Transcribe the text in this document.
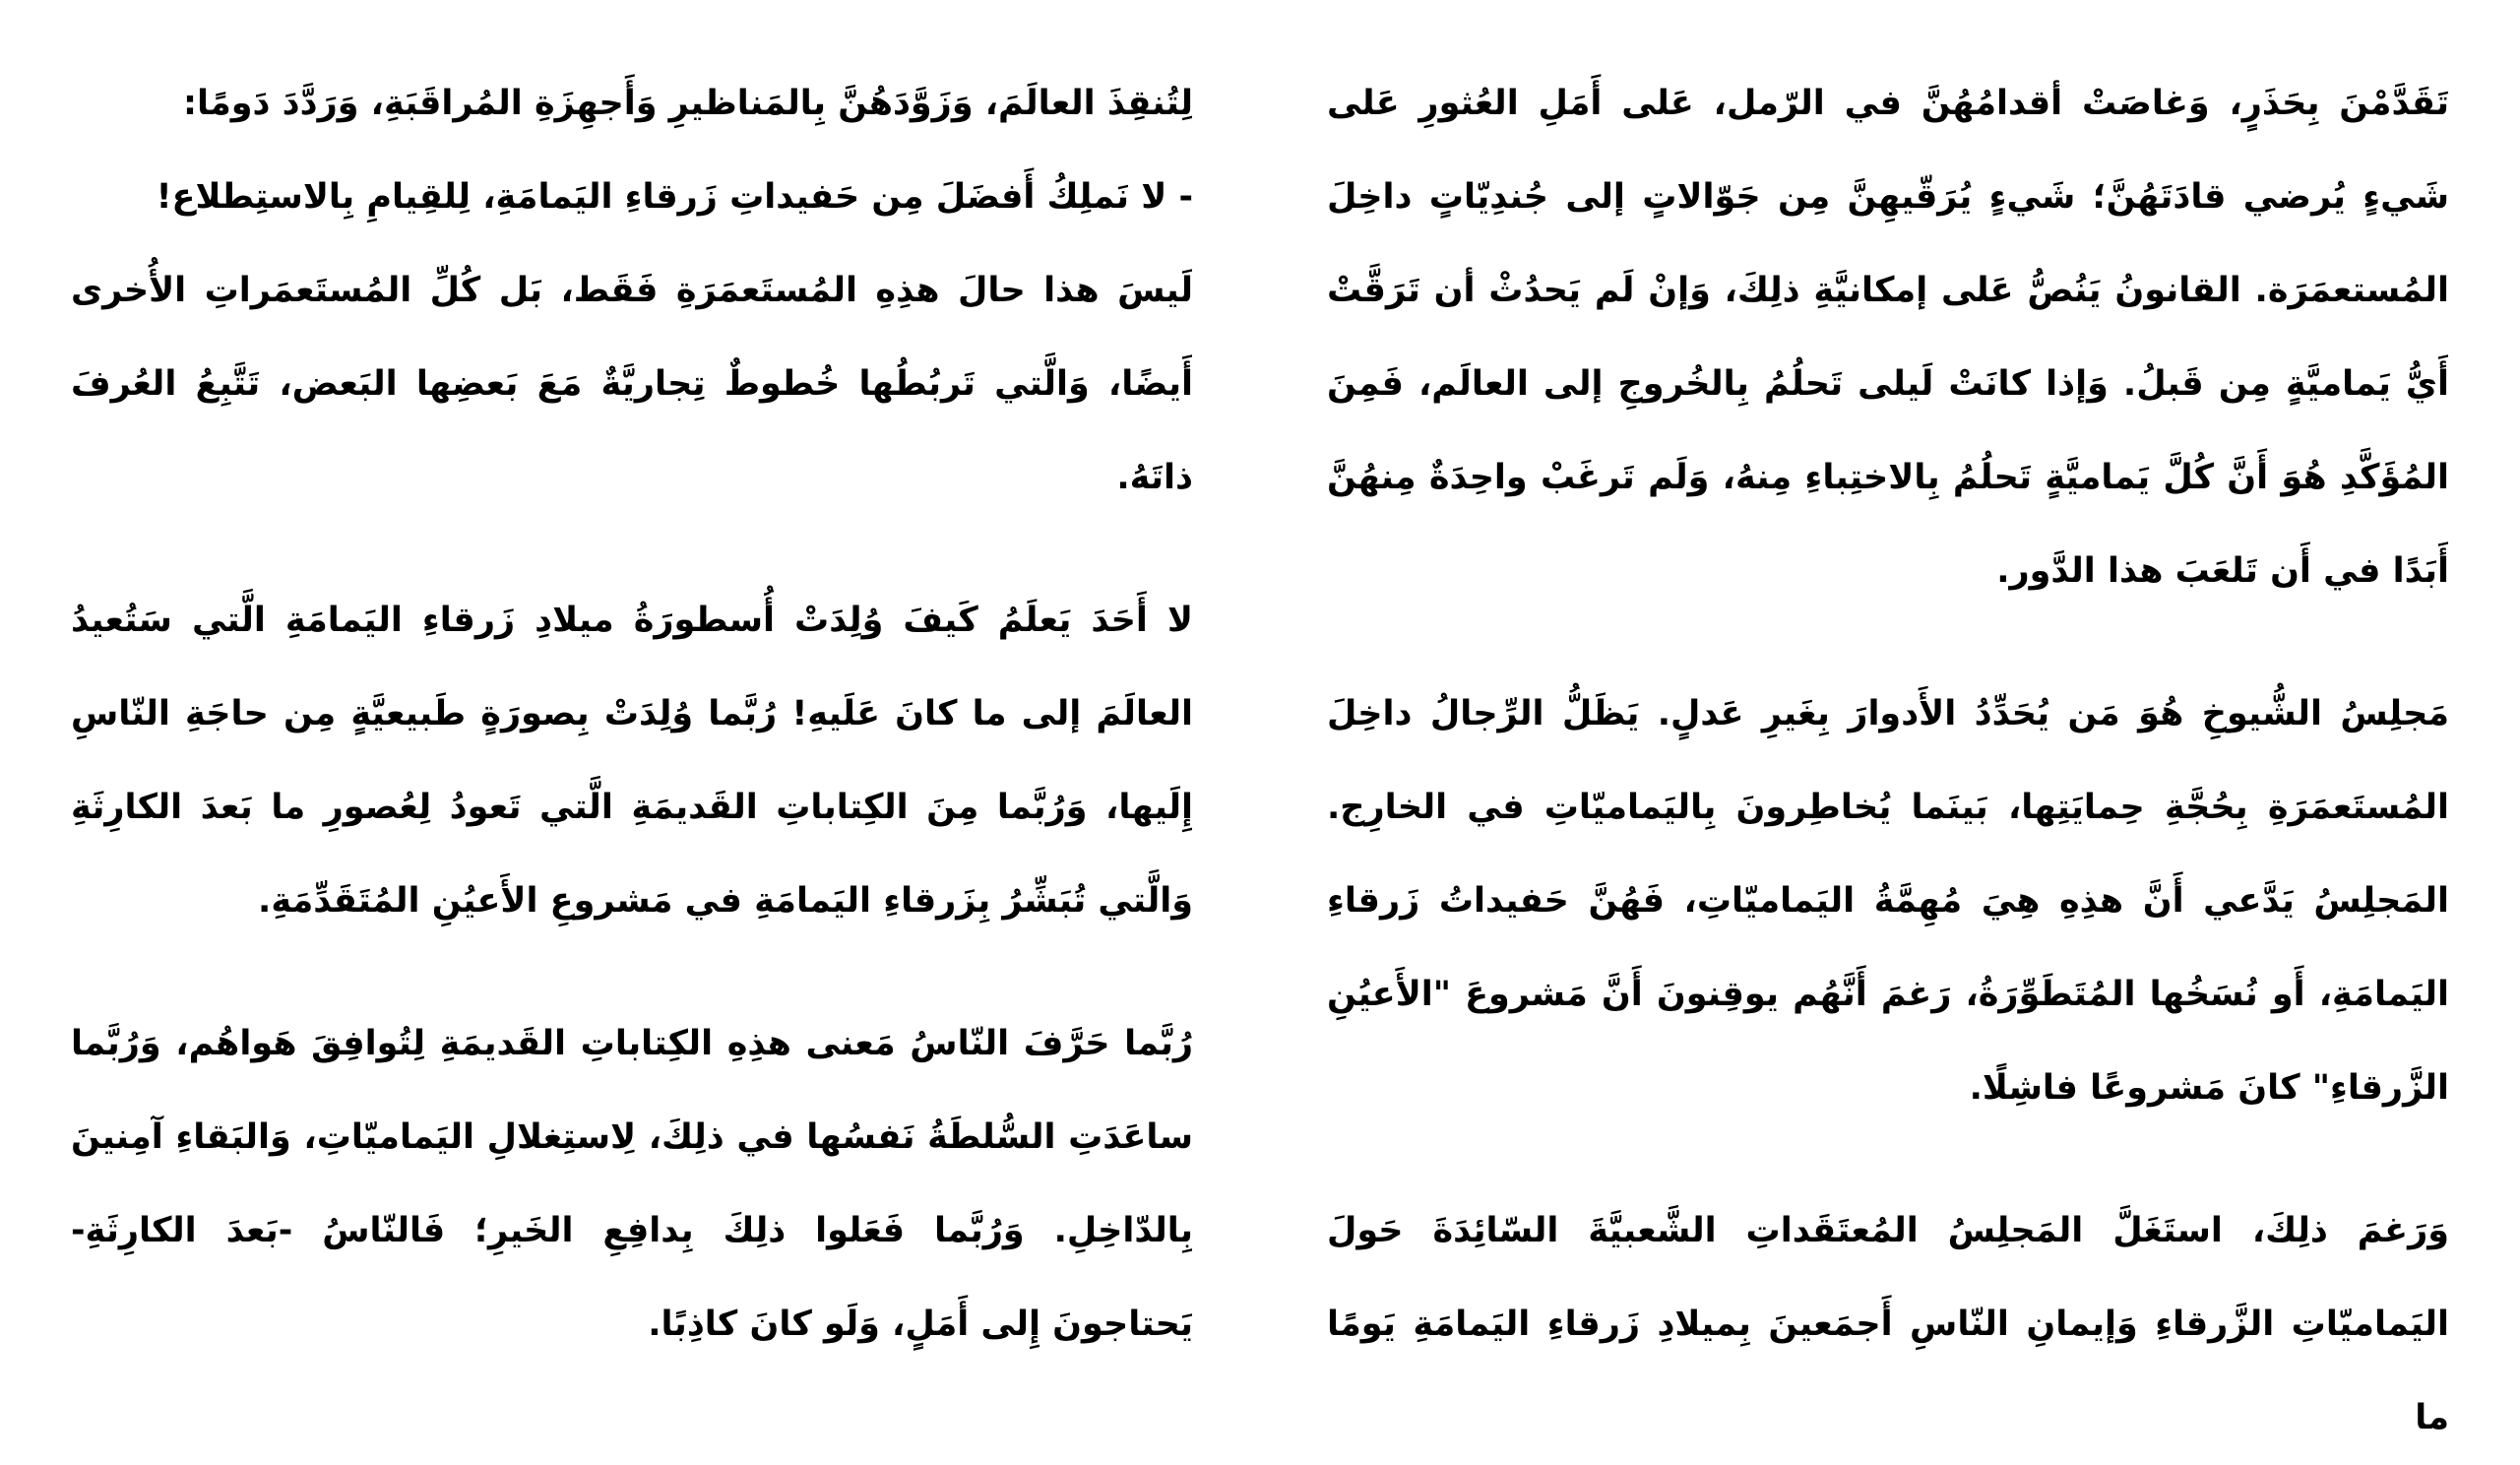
تَقَدَّمْنَ بِحَذَرٍ، وَغاصَتْ أقدامُهُنَّ في الرّمل، عَلى أَمَلِ العُثورِ عَلى شَيءٍ يُرضي قادَتَهُنَّ؛ شَيءٍ يُرَقّيهِنَّ مِن جَوّالاتٍ إلى جُندِيّاتٍ داخِلَ المُستعمَرَة. القانونُ يَنُصُّ عَلى إمكانيَّةِ ذلِكَ، وَإنْ لَم يَحدُثْ أن تَرَقَّتْ أَيُّ يَماميَّةٍ مِن قَبلُ. وَإذا كانَتْ لَيلى تَحلُمُ بِالخُروجِ إلى العالَم، فَمِنَ المُؤَكَّدِ هُوَ أَنَّ كُلَّ يَماميَّةٍ تَحلُمُ بِالاختِباءِ مِنهُ، وَلَم تَرغَبْ واحِدَةٌ مِنهُنَّ أَبَدًا في أَن تَلعَبَ هذا الدَّور.

مَجلِسُ الشُّيوخِ هُوَ مَن يُحَدِّدُ الأَدوارَ بِغَيرِ عَدلٍ. يَظَلُّ الرِّجالُ داخِلَ المُستَعمَرَةِ بِحُجَّةِ حِمايَتِها، بَينَما يُخاطِرونَ بِاليَماميّاتِ في الخارِج. المَجلِسُ يَدَّعي أَنَّ هذِهِ هِيَ مُهِمَّةُ اليَماميّاتِ، فَهُنَّ حَفيداتُ زَرقاءِ اليَمامَةِ، أَو نُسَخُها المُتَطَوِّرَةُ، رَغمَ أَنَّهُم يوقِنونَ أَنَّ مَشروعَ "الأَعيُنِ الزَّرقاءِ" كانَ مَشروعًا فاشِلًا.

وَرَغمَ ذلِكَ، استَغَلَّ المَجلِسُ المُعتَقَداتِ الشَّعبيَّةَ السّائِدَةَ حَولَ اليَماميّاتِ الزَّرقاءِ وَإيمانِ النّاسِ أَجمَعينَ بِميلادِ زَرقاءِ اليَمامَةِ يَومًا ما

لِتُنقِذَ العالَمَ، وَزَوَّدَهُنَّ بِالمَناظيرِ وَأَجهِزَةِ المُراقَبَةِ، وَرَدَّدَ دَومًا:

- لا نَملِكُ أَفضَلَ مِن حَفيداتِ زَرقاءِ اليَمامَةِ، لِلقِيامِ بِالاستِطلاع!

لَيسَ هذا حالَ هذِهِ المُستَعمَرَةِ فَقَط، بَل كُلِّ المُستَعمَراتِ الأُخرى أَيضًا، وَالَّتي تَربُطُها خُطوطٌ تِجاريَّةٌ مَعَ بَعضِها البَعض، تَتَّبِعُ العُرفَ ذاتَهُ.

لا أَحَدَ يَعلَمُ كَيفَ وُلِدَتْ أُسطورَةُ ميلادِ زَرقاءِ اليَمامَةِ الَّتي سَتُعيدُ العالَمَ إلى ما كانَ عَلَيهِ! رُبَّما وُلِدَتْ بِصورَةٍ طَبيعيَّةٍ مِن حاجَةِ النّاسِ إِلَيها، وَرُبَّما مِنَ الكِتاباتِ القَديمَةِ الَّتي تَعودُ لِعُصورِ ما بَعدَ الكارِثَةِ وَالَّتي تُبَشِّرُ بِزَرقاءِ اليَمامَةِ في مَشروعِ الأَعيُنِ المُتَقَدِّمَةِ.

رُبَّما حَرَّفَ النّاسُ مَعنى هذِهِ الكِتاباتِ القَديمَةِ لِتُوافِقَ هَواهُم، وَرُبَّما ساعَدَتِ السُّلطَةُ نَفسُها في ذلِكَ، لِاستِغلالِ اليَماميّاتِ، وَالبَقاءِ آمِنينَ بِالدّاخِلِ. وَرُبَّما فَعَلوا ذلِكَ بِدافِعِ الخَيرِ؛ فَالنّاسُ -بَعدَ الكارِثَةِ- يَحتاجونَ إِلى أَمَلٍ، وَلَو كانَ كاذِبًا.
